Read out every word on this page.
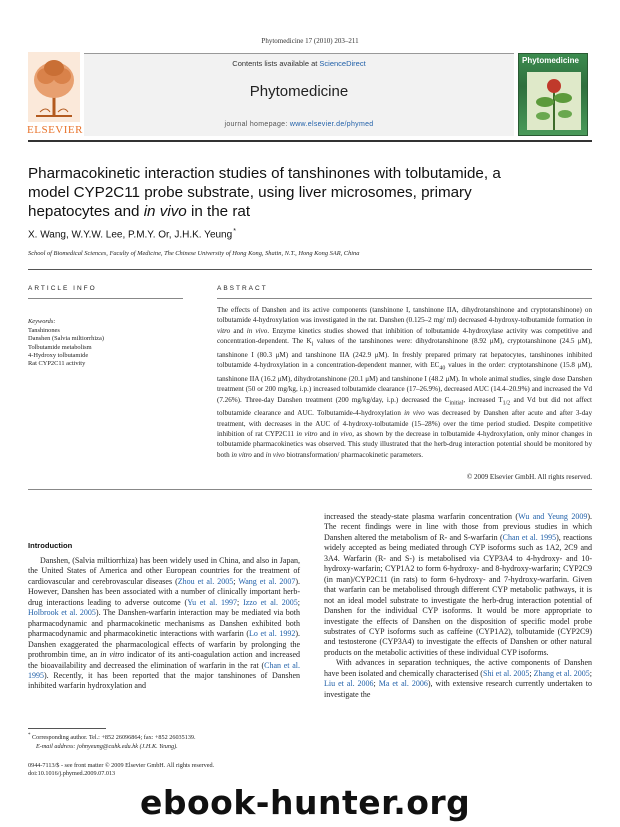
Phytomedicine 17 (2010) 203–211
Contents lists available at ScienceDirect
Phytomedicine
journal homepage: www.elsevier.de/phymed
ELSEVIER
Phytomedicine
Pharmacokinetic interaction studies of tanshinones with tolbutamide, a
model CYP2C11 probe substrate, using liver microsomes, primary
hepatocytes and in vivo in the rat
X. Wang, W.Y.W. Lee, P.M.Y. Or, J.H.K. Yeung*
School of Biomedical Sciences, Faculty of Medicine, The Chinese University of Hong Kong, Shatin, N.T., Hong Kong SAR, China
ARTICLE INFO
Keywords:
Tanshinones
Danshen (Salvia miltiorrhiza)
Tolbutamide metabolism
4-Hydroxy tolbutamide
Rat CYP2C11 activity
ABSTRACT
The effects of Danshen and its active components (tanshinone I, tanshinone IIA, dihydrotanshinone and cryptotanshinone) on tolbutamide 4-hydroxylation was investigated in the rat. Danshen (0.125–2 mg/ ml) decreased 4-hydroxy-tolbutamide formation in vitro and in vivo. Enzyme kinetics studies showed that inhibition of tolbutamide 4-hydroxylase activity was competitive and concentration-dependent. The $K_i$ values of the tanshinones were: dihydrotanshinone (8.92 μM), cryptotanshinone (24.5 μM), tanshinone I (80.3 μM) and tanshinone IIA (242.9 μM). In freshly prepared primary rat hepatocytes, tanshinones inhibited tolbutamide 4-hydroxylation in a concentration-dependent manner, with $EC_{40}$ values in the order: cryptotanshinone (15.8 μM), tanshinone IIA (16.2 μM), dihydrotanshinone (20.1 μM) and tanshinone I (48.2 μM). In whole animal studies, single dose Danshen treatment (50 or 200 mg/kg, i.p.) increased tolbutamide clearance (17–26.9%), decreased AUC (14.4–20.9%) and increased the Vd (7.26%). Three-day Danshen treatment (200 mg/kg/day, i.p.) decreased the $C_{initial}$, increased $T_{1/2}$ and Vd but did not affect tolbutamide clearance and AUC. Tolbutamide-4-hydroxylation in vivo was decreased by Danshen after acute and after 3-day treatment, with decreases in the AUC of 4-hydroxy-tolbutamide (15–28%) over the time period studied. Despite competitive inhibition of rat CYP2C11 in vitro and in vivo, as shown by the decrease in tolbutamide 4-hydroxylation, only minor changes in tolbutamide pharmacokinetics was observed. This study illustrated that the herb-drug interaction potential should be monitored by both in vitro and in vivo biotransformation/ pharmacokinetic parameters.
© 2009 Elsevier GmbH. All rights reserved.
Introduction
Danshen, (Salvia miltiorrhiza) has been widely used in China, and also in Japan, the United States of America and other European countries for the treatment of cardiovascular and cerebrovascular diseases (Zhou et al. 2005; Wang et al. 2007). However, Danshen has been associated with a number of clinically important herb-drug interactions leading to adverse outcome (Yu et al. 1997; Izzo et al. 2005; Holbrook et al. 2005). The Danshen-warfarin interaction may be mediated via both pharmacodynamic and pharmacokinetic mechanisms as Danshen exhibited both pharmacodynamic and pharmacokinetic interactions with warfarin (Lo et al. 1992). Danshen exaggerated the pharmacological effects of warfarin by prolonging the prothrombin time, an in vitro indicator of its anti-coagulation action and increased the bioavailability and decreased the elimination of warfarin in the rat (Chan et al. 1995). Recently, it has been reported that the major tanshinones of Danshen inhibited warfarin hydroxylation and
increased the steady-state plasma warfarin concentration (Wu and Yeung 2009). The recent findings were in line with those from previous studies in which Danshen altered the metabolism of R- and S-warfarin (Chan et al. 1995), reactions widely accepted as being mediated through CYP isoforms such as 1A2, 2C9 and 3A4. Warfarin (R- and S-) is metabolised via CYP3A4 to 4-hydroxy- and 10-hydroxy-warfarin; CYP1A2 to form 6-hydroxy- and 8-hydroxy-warfarin; CYP2C9 (in man)/CYP2C11 (in rats) to form 6-hydroxy- and 7-hydroxy-warfarin. Given that warfarin can be metabolised through different CYP metabolic pathways, it is not an ideal model substrate to investigate the herb-drug interaction potential of Danshen for the individual CYP isoforms. It would be more appropriate to investigate the effects of Danshen on the disposition of specific model probe substrates of CYP isoforms such as caffeine (CYP1A2), tolbutamide (CYP2C9) and testosterone (CYP3A4) to investigate the effects of Danshen or other natural products on the metabolic activities of these individual CYP isoforms.
With advances in separation techniques, the active components of Danshen have been isolated and chemically characterised (Shi et al. 2005; Zhang et al. 2005; Liu et al. 2006; Ma et al. 2006), with extensive research currently undertaken to investigate the
* Corresponding author. Tel.: +852 26096864; fax: +852 26035139.
E-mail address: johnyeung@cuhk.edu.hk (J.H.K. Yeung).
0944-7113/$ - see front matter © 2009 Elsevier GmbH. All rights reserved.
doi:10.1016/j.phymed.2009.07.013
ebook-hunter.org
